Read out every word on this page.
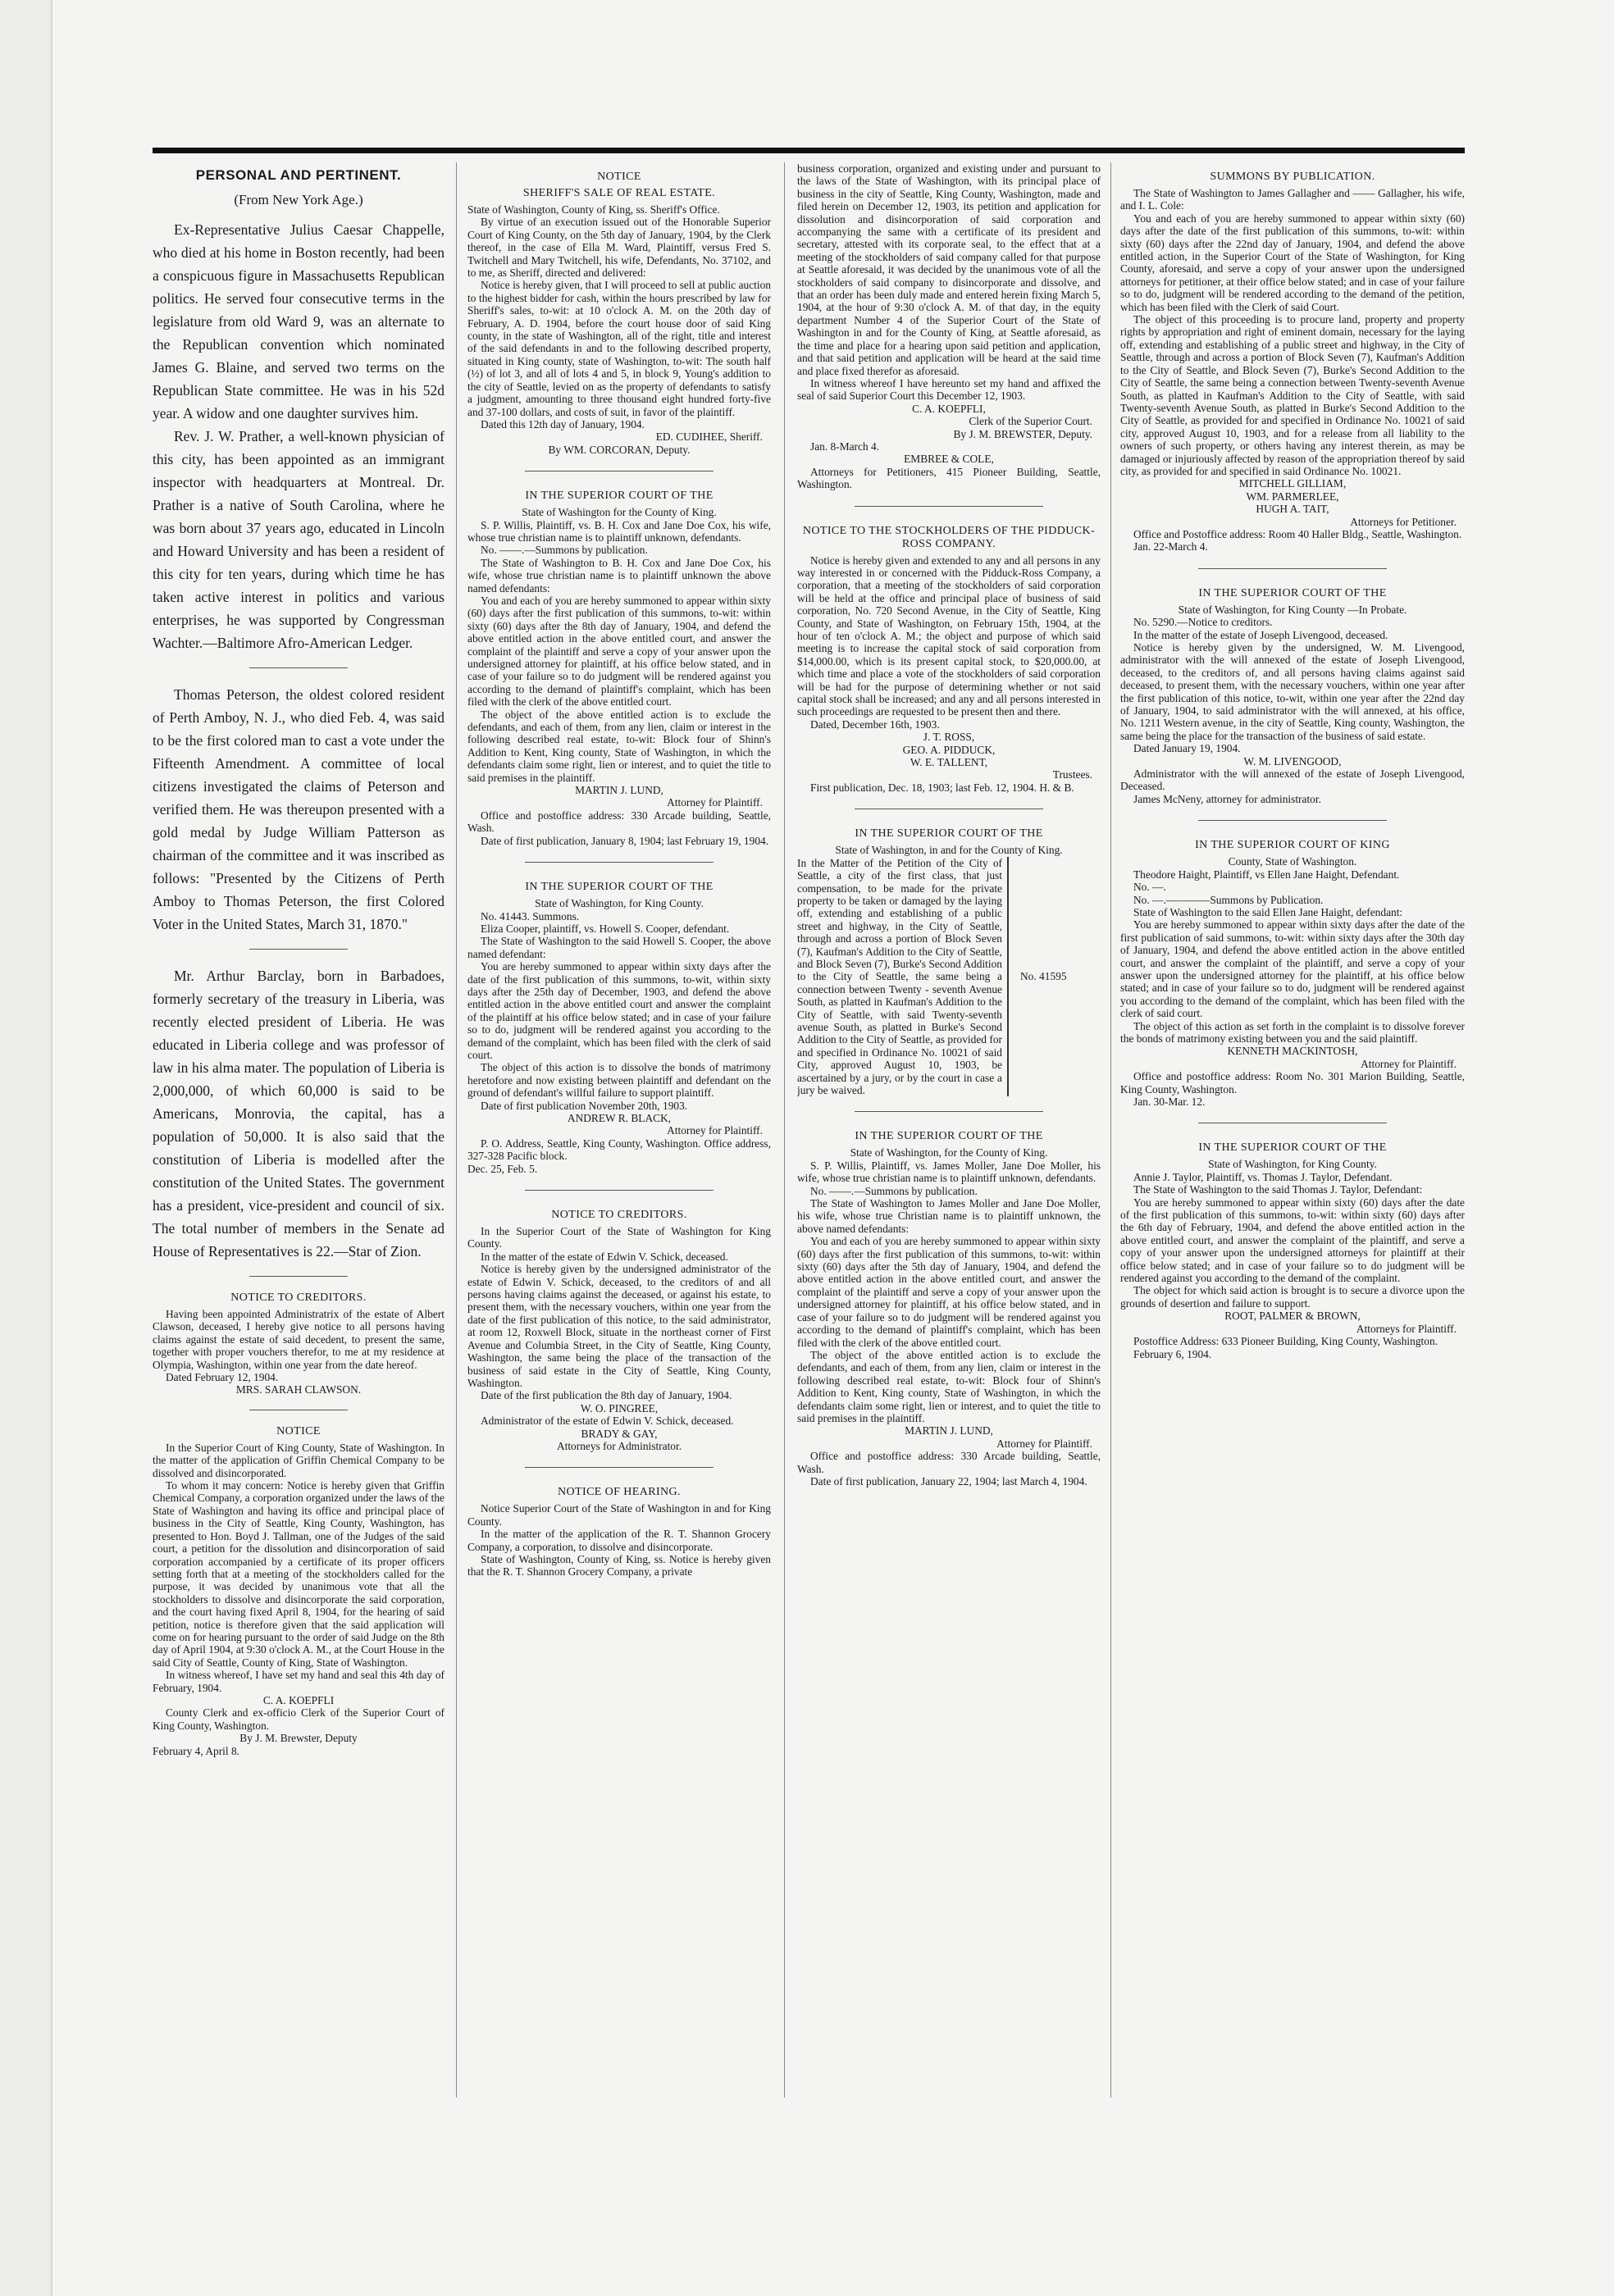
PERSONAL AND PERTINENT.
(From New York Age.)

Ex-Representative Julius Caesar Chappelle, who died at his home in Boston recently, had been a conspicuous figure in Massachusetts Republican politics. He served four consecutive terms in the legislature from old Ward 9, was an alternate to the Republican convention which nominated James G. Blaine, and served two terms on the Republican State committee. He was in his 52d year. A widow and one daughter survives him.

Rev. J. W. Prather, a well-known physician of this city, has been appointed as an immigrant inspector with headquarters at Montreal. Dr. Prather is a native of South Carolina, where he was born about 37 years ago, educated in Lincoln and Howard University and has been a resident of this city for ten years, during which time he has taken active interest in politics and various enterprises, he was supported by Congressman Wachter.—Baltimore Afro-American Ledger.

Thomas Peterson, the oldest colored resident of Perth Amboy, N. J., who died Feb. 4, was said to be the first colored man to cast a vote under the Fifteenth Amendment. A committee of local citizens investigated the claims of Peterson and verified them. He was thereupon presented with a gold medal by Judge William Patterson as chairman of the committee and it was inscribed as follows: "Presented by the Citizens of Perth Amboy to Thomas Peterson, the first Colored Voter in the United States, March 31, 1870."

Mr. Arthur Barclay, born in Barbadoes, formerly secretary of the treasury in Liberia, was recently elected president of Liberia. He was educated in Liberia college and was professor of law in his alma mater. The population of Liberia is 2,000,000, of which 60,000 is said to be Americans, Monrovia, the capital, has a population of 50,000. It is also said that the constitution of Liberia is modelled after the constitution of the United States. The government has a president, vice-president and council of six. The total number of members in the Senate ad House of Representatives is 22.—Star of Zion.

NOTICE TO CREDITORS.

Having been appointed Administratrix of the estate of Albert Clawson, deceased, I hereby give notice to all persons having claims against the estate of said decedent, to present the same, together with proper vouchers therefor, to me at my residence at Olympia, Washington, within one year from the date hereof.

Dated February 12, 1904.

MRS. SARAH CLAWSON.

NOTICE

In the Superior Court of King County, State of Washington. In the matter of the application of Griffin Chemical Company to be dissolved and disincorporated.

To whom it may concern: Notice is hereby given that Griffin Chemical Company, a corporation organized under the laws of the State of Washington and having its office and principal place of business in the City of Seattle, King County, Washington, has presented to Hon. Boyd J. Tallman, one of the Judges of the said court, a petition for the dissolution and disincorporation of said corporation accompanied by a certificate of its proper officers setting forth that at a meeting of the stockholders called for the purpose, it was decided by unanimous vote that all the stockholders to dissolve and disincorporate the said corporation, and the court having fixed April 8, 1904, for the hearing of said petition, notice is therefore given that the said application will come on for hearing pursuant to the order of said Judge on the 8th day of April 1904, at 9:30 o'clock A. M., at the Court House in the said City of Seattle, County of King, State of Washington.

In witness whereof, I have set my hand and seal this 4th day of February, 1904.

C. A. KOEPFLI

County Clerk and ex-officio Clerk of the Superior Court of King County, Washington.

By J. M. Brewster, Deputy

February 4, April 8.

NOTICE
SHERIFF'S SALE OF REAL ESTATE.

State of Washington, County of King, ss. Sheriff's Office.

By virtue of an execution issued out of the Honorable Superior Court of King County, on the 5th day of January, 1904, by the Clerk thereof, in the case of Ella M. Ward, Plaintiff, versus Fred S. Twitchell and Mary Twitchell, his wife, Defendants, No. 37102, and to me, as Sheriff, directed and delivered:

Notice is hereby given, that I will proceed to sell at public auction to the highest bidder for cash, within the hours prescribed by law for Sheriff's sales, to-wit: at 10 o'clock A. M. on the 20th day of February, A. D. 1904, before the court house door of said King county, in the state of Washington, all of the right, title and interest of the said defendants in and to the following described property, situated in King county, state of Washington, to-wit: The south half (½) of lot 3, and all of lots 4 and 5, in block 9, Young's addition to the city of Seattle, levied on as the property of defendants to satisfy a judgment, amounting to three thousand eight hundred forty-five and 37-100 dollars, and costs of suit, in favor of the plaintiff.

Dated this 12th day of January, 1904.

ED. CUDIHEE, Sheriff.

By WM. CORCORAN, Deputy.

IN THE SUPERIOR COURT OF THE

State of Washington for the County of King.

S. P. Willis, Plaintiff, vs. B. H. Cox and Jane Doe Cox, his wife, whose true christian name is to plaintiff unknown, defendants.

No. ——.—Summons by publication.

The State of Washington to B. H. Cox and Jane Doe Cox, his wife, whose true christian name is to plaintiff unknown the above named defendants:

You and each of you are hereby summoned to appear within sixty (60) days after the first publication of this summons, to-wit: within sixty (60) days after the 8th day of January, 1904, and defend the above entitled action in the above entitled court, and answer the complaint of the plaintiff and serve a copy of your answer upon the undersigned attorney for plaintiff, at his office below stated, and in case of your failure so to do judgment will be rendered against you according to the demand of plaintiff's complaint, which has been filed with the clerk of the above entitled court.

The object of the above entitled action is to exclude the defendants, and each of them, from any lien, claim or interest in the following described real estate, to-wit: Block four of Shinn's Addition to Kent, King county, State of Washington, in which the defendants claim some right, lien or interest, and to quiet the title to said premises in the plaintiff.

MARTIN J. LUND,

Attorney for Plaintiff.

Office and postoffice address: 330 Arcade building, Seattle, Wash.

Date of first publication, January 8, 1904; last February 19, 1904.

IN THE SUPERIOR COURT OF THE

State of Washington, for King County.

No. 41443. Summons.

Eliza Cooper, plaintiff, vs. Howell S. Cooper, defendant.

The State of Washington to the said Howell S. Cooper, the above named defendant:

You are hereby summoned to appear within sixty days after the date of the first publication of this summons, to-wit, within sixty days after the 25th day of December, 1903, and defend the above entitled action in the above entitled court and answer the complaint of the plaintiff at his office below stated; and in case of your failure so to do, judgment will be rendered against you according to the demand of the complaint, which has been filed with the clerk of said court.

The object of this action is to dissolve the bonds of matrimony heretofore and now existing between plaintiff and defendant on the ground of defendant's willful failure to support plaintiff.

Date of first publication November 20th, 1903.

ANDREW R. BLACK,

Attorney for Plaintiff.

P. O. Address, Seattle, King County, Washington. Office address, 327-328 Pacific block.

Dec. 25, Feb. 5.

NOTICE TO CREDITORS.

In the Superior Court of the State of Washington for King County.

In the matter of the estate of Edwin V. Schick, deceased.

Notice is hereby given by the undersigned administrator of the estate of Edwin V. Schick, deceased, to the creditors of and all persons having claims against the deceased, or against his estate, to present them, with the necessary vouchers, within one year from the date of the first publication of this notice, to the said administrator, at room 12, Roxwell Block, situate in the northeast corner of First Avenue and Columbia Street, in the City of Seattle, King County, Washington, the same being the place of the transaction of the business of said estate in the City of Seattle, King County, Washington.

Date of the first publication the 8th day of January, 1904.

W. O. PINGREE,

Administrator of the estate of Edwin V. Schick, deceased.

BRADY & GAY,

Attorneys for Administrator.

NOTICE OF HEARING.

Notice Superior Court of the State of Washington in and for King County.

In the matter of the application of the R. T. Shannon Grocery Company, a corporation, to dissolve and disincorporate.

State of Washington, County of King, ss. Notice is hereby given that the R. T. Shannon Grocery Company, a private

business corporation, organized and existing under and pursuant to the laws of the State of Washington, with its principal place of business in the city of Seattle, King County, Washington, made and filed herein on December 12, 1903, its petition and application for dissolution and disincorporation of said corporation and accompanying the same with a certificate of its president and secretary, attested with its corporate seal, to the effect that at a meeting of the stockholders of said company called for that purpose at Seattle aforesaid, it was decided by the unanimous vote of all the stockholders of said company to disincorporate and dissolve, and that an order has been duly made and entered herein fixing March 5, 1904, at the hour of 9:30 o'clock A. M. of that day, in the equity department Number 4 of the Superior Court of the State of Washington in and for the County of King, at Seattle aforesaid, as the time and place for a hearing upon said petition and application, and that said petition and application will be heard at the said time and place fixed therefor as aforesaid.

In witness whereof I have hereunto set my hand and affixed the seal of said Superior Court this December 12, 1903.

C. A. KOEPFLI,

Clerk of the Superior Court.

By J. M. BREWSTER, Deputy.

Jan. 8-March 4.

EMBREE & COLE,

Attorneys for Petitioners, 415 Pioneer Building, Seattle, Washington.

NOTICE TO THE STOCKHOLDERS OF THE PIDDUCK-ROSS COMPANY.

Notice is hereby given and extended to any and all persons in any way interested in or concerned with the Pidduck-Ross Company, a corporation, that a meeting of the stockholders of said corporation will be held at the office and principal place of business of said corporation, No. 720 Second Avenue, in the City of Seattle, King County, and State of Washington, on February 15th, 1904, at the hour of ten o'clock A. M.; the object and purpose of which said meeting is to increase the capital stock of said corporation from $14,000.00, which is its present capital stock, to $20,000.00, at which time and place a vote of the stockholders of said corporation will be had for the purpose of determining whether or not said capital stock shall be increased; and any and all persons interested in such proceedings are requested to be present then and there.

Dated, December 16th, 1903.

J. T. ROSS,

GEO. A. PIDDUCK,

W. E. TALLENT,

Trustees.

First publication, Dec. 18, 1903; last Feb. 12, 1904. H. & B.

IN THE SUPERIOR COURT OF THE

State of Washington, in and for the County of King.

In the Matter of the Petition of the City of Seattle, a city of the first class, that just compensation, to be made for the private property to be taken or damaged by the laying off, extending and establishing of a public street and highway, in the City of Seattle, through and across a portion of Block Seven (7), Kaufman's Addition to the City of Seattle, and Block Seven (7), Burke's Second Addition to the City of Seattle, the same being a connection between Twenty - seventh Avenue South, as platted in Kaufman's Addition to the City of Seattle, with said Twenty-seventh avenue South, as platted in Burke's Second Addition to the City of Seattle, as provided for and specified in Ordinance No. 10021 of said City, approved August 10, 1903, be ascertained by a jury, or by the court in case a jury be waived.

No. 41595
IN THE SUPERIOR COURT OF THE

State of Washington, for the County of King.

S. P. Willis, Plaintiff, vs. James Moller, Jane Doe Moller, his wife, whose true christian name is to plaintiff unknown, defendants.

No. ——.—Summons by publication.

The State of Washington to James Moller and Jane Doe Moller, his wife, whose true Christian name is to plaintiff unknown, the above named defendants:

You and each of you are hereby summoned to appear within sixty (60) days after the first publication of this summons, to-wit: within sixty (60) days after the 5th day of January, 1904, and defend the above entitled action in the above entitled court, and answer the complaint of the plaintiff and serve a copy of your answer upon the undersigned attorney for plaintiff, at his office below stated, and in case of your failure so to do judgment will be rendered against you according to the demand of plaintiff's complaint, which has been filed with the clerk of the above entitled court.

The object of the above entitled action is to exclude the defendants, and each of them, from any lien, claim or interest in the following described real estate, to-wit: Block four of Shinn's Addition to Kent, King county, State of Washington, in which the defendants claim some right, lien or interest, and to quiet the title to said premises in the plaintiff.

MARTIN J. LUND,

Attorney for Plaintiff.

Office and postoffice address: 330 Arcade building, Seattle, Wash.

Date of first publication, January 22, 1904; last March 4, 1904.

SUMMONS BY PUBLICATION.

The State of Washington to James Gallagher and —— Gallagher, his wife, and I. L. Cole:

You and each of you are hereby summoned to appear within sixty (60) days after the date of the first publication of this summons, to-wit: within sixty (60) days after the 22nd day of January, 1904, and defend the above entitled action, in the Superior Court of the State of Washington, for King County, aforesaid, and serve a copy of your answer upon the undersigned attorneys for petitioner, at their office below stated; and in case of your failure so to do, judgment will be rendered according to the demand of the petition, which has been filed with the Clerk of said Court.

The object of this proceeding is to procure land, property and property rights by appropriation and right of eminent domain, necessary for the laying off, extending and establishing of a public street and highway, in the City of Seattle, through and across a portion of Block Seven (7), Kaufman's Addition to the City of Seattle, and Block Seven (7), Burke's Second Addition to the City of Seattle, the same being a connection between Twenty-seventh Avenue South, as platted in Kaufman's Addition to the City of Seattle, with said Twenty-seventh Avenue South, as platted in Burke's Second Addition to the City of Seattle, as provided for and specified in Ordinance No. 10021 of said city, approved August 10, 1903, and for a release from all liability to the owners of such property, or others having any interest therein, as may be damaged or injuriously affected by reason of the appropriation thereof by said city, as provided for and specified in said Ordinance No. 10021.

MITCHELL GILLIAM,

WM. PARMERLEE,

HUGH A. TAIT,

Attorneys for Petitioner.

Office and Postoffice address: Room 40 Haller Bldg., Seattle, Washington.

Jan. 22-March 4.

IN THE SUPERIOR COURT OF THE

State of Washington, for King County —In Probate.

No. 5290.—Notice to creditors.

In the matter of the estate of Joseph Livengood, deceased.

Notice is hereby given by the undersigned, W. M. Livengood, administrator with the will annexed of the estate of Joseph Livengood, deceased, to the creditors of, and all persons having claims against said deceased, to present them, with the necessary vouchers, within one year after the first publication of this notice, to-wit, within one year after the 22nd day of January, 1904, to said administrator with the will annexed, at his office, No. 1211 Western avenue, in the city of Seattle, King county, Washington, the same being the place for the transaction of the business of said estate.

Dated January 19, 1904.

W. M. LIVENGOOD,

Administrator with the will annexed of the estate of Joseph Livengood, Deceased.

James McNeny, attorney for administrator.

IN THE SUPERIOR COURT OF KING

County, State of Washington.

Theodore Haight, Plaintiff, vs Ellen Jane Haight, Defendant.

No. —.

No. —.————Summons by Publication.

State of Washington to the said Ellen Jane Haight, defendant:

You are hereby summoned to appear within sixty days after the date of the first publication of said summons, to-wit: within sixty days after the 30th day of January, 1904, and defend the above entitled action in the above entitled court, and answer the complaint of the plaintiff, and serve a copy of your answer upon the undersigned attorney for the plaintiff, at his office below stated; and in case of your failure so to do, judgment will be rendered against you according to the demand of the complaint, which has been filed with the clerk of said court.

The object of this action as set forth in the complaint is to dissolve forever the bonds of matrimony existing between you and the said plaintiff.

KENNETH MACKINTOSH,

Attorney for Plaintiff.

Office and postoffice address: Room No. 301 Marion Building, Seattle, King County, Washington.

Jan. 30-Mar. 12.

IN THE SUPERIOR COURT OF THE

State of Washington, for King County.

Annie J. Taylor, Plaintiff, vs. Thomas J. Taylor, Defendant.

The State of Washington to the said Thomas J. Taylor, Defendant:

You are hereby summoned to appear within sixty (60) days after the date of the first publication of this summons, to-wit: within sixty (60) days after the 6th day of February, 1904, and defend the above entitled action in the above entitled court, and answer the complaint of the plaintiff, and serve a copy of your answer upon the undersigned attorneys for plaintiff at their office below stated; and in case of your failure so to do judgment will be rendered against you according to the demand of the complaint.

The object for which said action is brought is to secure a divorce upon the grounds of desertion and failure to support.

ROOT, PALMER & BROWN,

Attorneys for Plaintiff.

Postoffice Address: 633 Pioneer Building, King County, Washington.

February 6, 1904.
